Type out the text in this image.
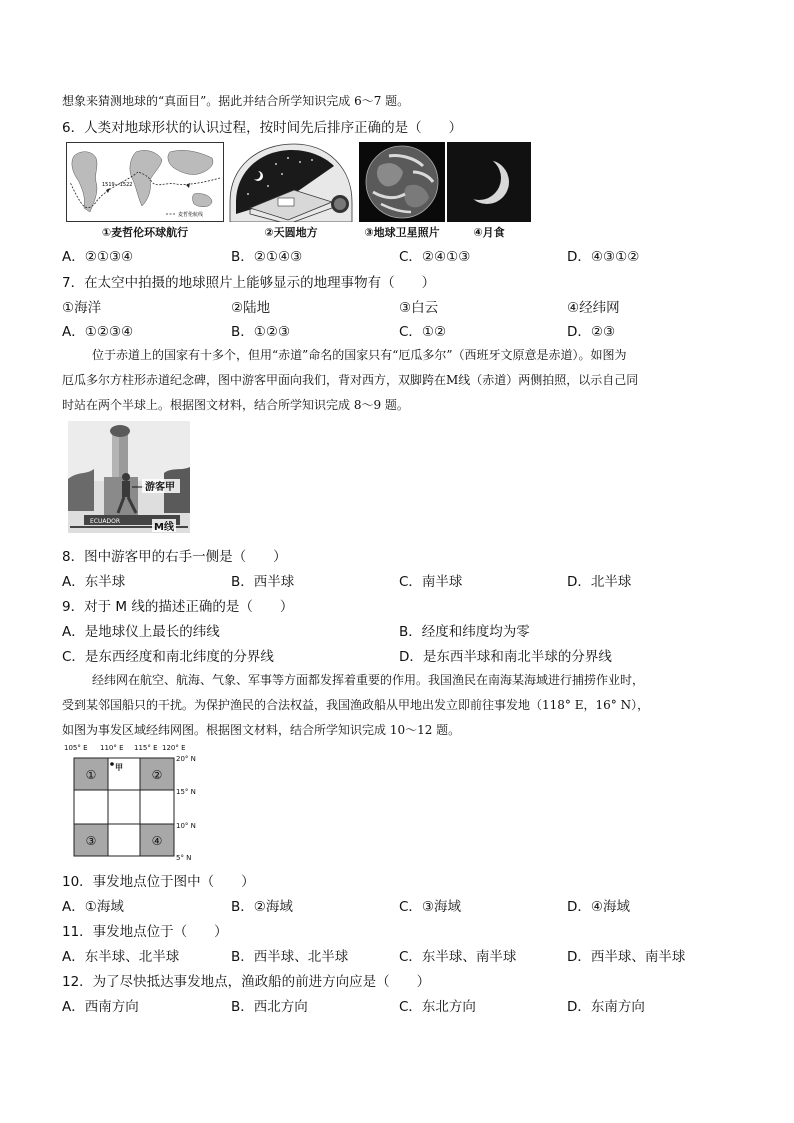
想象来猜测地球的“真面目”。据此并结合所学知识完成 6～7 题。
6．人类对地球形状的认识过程，按时间先后排序正确的是（　　）
1519—1522
麦哲伦航线
①麦哲伦环球航行	②天圆地方	③地球卫星照片	④月食
A．②①③④	B．②①④③	C．②④①③	D．④③①②
7．在太空中拍摄的地球照片上能够显示的地理事物有（　　）
①海洋	②陆地	③白云	④经纬网
A．①②③④	B．①②③	C．①②	D．②③
位于赤道上的国家有十多个，但用“赤道”命名的国家只有“厄瓜多尔”（西班牙文原意是赤道）。如图为
厄瓜多尔方柱形赤道纪念碑，图中游客甲面向我们，背对西方，双脚跨在M线（赤道）两侧拍照，以示自己同
时站在两个半球上。根据图文材料，结合所学知识完成 8～9 题。
ECUADOR
游客甲
M线
8．图中游客甲的右手一侧是（　　）
A．东半球	B．西半球	C．南半球	D．北半球
9．对于 M 线的描述正确的是（　　）
A．是地球仪上最长的纬线	B．经度和纬度均为零
C．是东西经度和南北纬度的分界线	D．是东西半球和南北半球的分界线
经纬网在航空、航海、气象、军事等方面都发挥着重要的作用。我国渔民在南海某海域进行捕捞作业时，
受到某邻国船只的干扰。为保护渔民的合法权益，我国渔政船从甲地出发立即前往事发地（118° E，16° N），
如图为事发区域经纬网图。根据图文材料，结合所学知识完成 10～12 题。
105° E 110° E 115° E 120° E
20° N
15° N
10° N
5° N
①	②
③	④
甲
10．事发地点位于图中（　　）
A．①海域	B．②海域	C．③海域	D．④海域
11．事发地点位于（　　）
A．东半球、北半球	B．西半球、北半球	C．东半球、南半球	D．西半球、南半球
12．为了尽快抵达事发地点，渔政船的前进方向应是（　　）
A．西南方向	B．西北方向	C．东北方向	D．东南方向
